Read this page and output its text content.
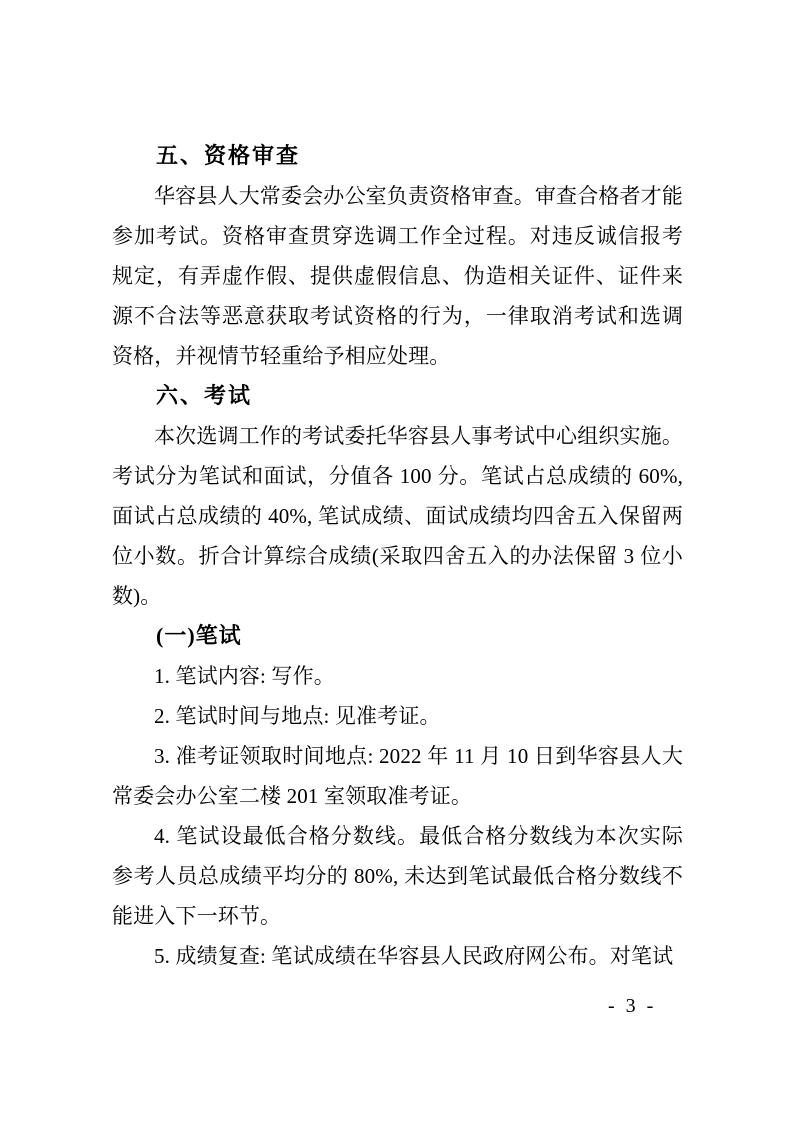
五、资格审查

华容县人大常委会办公室负责资格审查。审查合格者才能参加考试。资格审查贯穿选调工作全过程。对违反诚信报考规定，有弄虚作假、提供虚假信息、伪造相关证件、证件来源不合法等恶意获取考试资格的行为，一律取消考试和选调资格，并视情节轻重给予相应处理。

六、考试

本次选调工作的考试委托华容县人事考试中心组织实施。考试分为笔试和面试，分值各 100 分。笔试占总成绩的 60%, 面试占总成绩的 40%, 笔试成绩、面试成绩均四舍五入保留两位小数。折合计算综合成绩(采取四舍五入的办法保留 3 位小数)。

(一)笔试

1. 笔试内容: 写作。

2. 笔试时间与地点: 见准考证。

3. 准考证领取时间地点: 2022 年 11 月 10 日到华容县人大常委会办公室二楼 201 室领取准考证。

4. 笔试设最低合格分数线。最低合格分数线为本次实际参考人员总成绩平均分的 80%, 未达到笔试最低合格分数线不能进入下一环节。

5. 成绩复查: 笔试成绩在华容县人民政府网公布。对笔试

- 3 -
